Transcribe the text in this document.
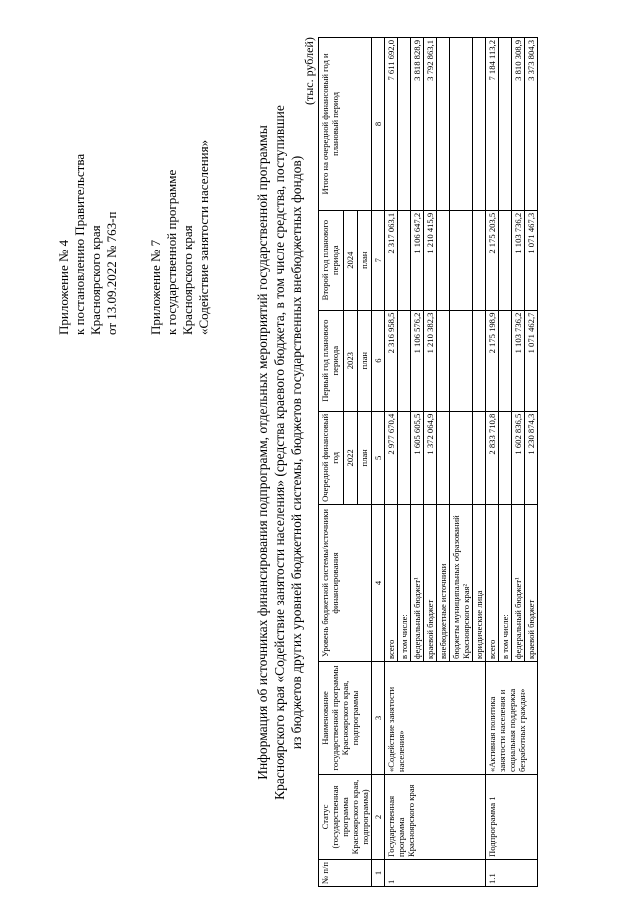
Приложение № 4 к постановлению Правительства Красноярского края от 13.09.2022 № 763-п Приложение № 7 к государственной программе Красноярского края «Содействие занятости населения»	Информация об источниках финансирования подпрограмм, отдельных мероприятий государственной программы Красноярского края «Содействие занятости населения» (средства краевого бюджета, в том числе средства, поступившие из бюджетов других уровней бюджетной системы, бюджетов государственных внебюджетных фондов)
(тыс. рублей)
№ п/п	Статус (государственная программа Красноярского края, подпрограмма)	Наименование государственной программы Красноярского края, подпрограммы	Уровень бюджетной системы/источники финансирования	Очередной финансовый год	Первый год планового периода	Второй год планового периода	Итого на очередной финансовый год и плановый период
				2022	2023	2024	
				план	план	план	
1	2	3	4	5	6	7	8
1	Государственная программа Красноярского края	«Содействие занятости населения»	всего	2 977 670,4	2 316 958,5	2 317 063,1	7 611 692,0
			в том числе:				
			федеральный бюджет¹	1 605 605,5	1 106 576,2	1 106 647,2	3 818 828,9
			краевой бюджет	1 372 064,9	1 210 382,3	1 210 415,9	3 792 863,1
			внебюджетные источники				
			бюджеты муниципальных образований Красноярского края²				
			юридические лица				
1.1	Подпрограмма 1	«Активная политика занятости населения и социальная поддержка безработных граждан»	всего	2 833 710,8	2 175 198,9	2 175 203,5	7 184 113,2
			в том числе:				
			федеральный бюджет¹	1 602 836,5	1 103 736,2	1 103 736,2	3 810 308,9
			краевой бюджет	1 230 874,3	1 071 462,7	1 071 467,3	3 373 804,3
